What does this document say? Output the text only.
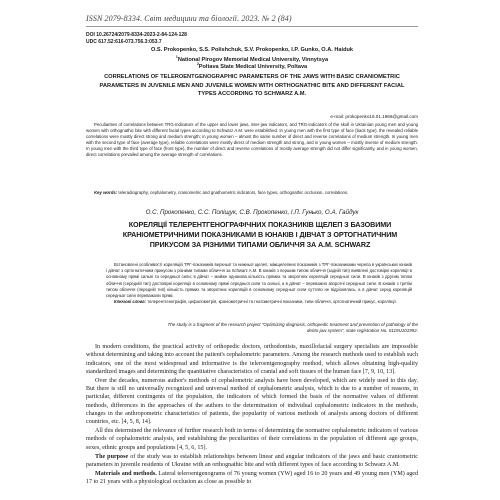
ISSN 2079-8334. Світ медицини та біології. 2023. № 2 (84)
DOI 10.26724/2079-8334-2023-2-84-124-128
UDC 617.52:616-073.756.3:053.7
O.S. Prokopenko, S.S. Polishchuk, S.V. Prokopenko, I.P. Gunko, O.A. Haiduk
$^1$National Pirogov Memorial Medical University, Vinnytsya
$^2$Poltava State Medical University, Poltava
CORRELATIONS OF TELEROENTGENOGRAPHIC PARAMETERS OF THE JAWS WITH BASIC CRANIOMETRIC PARAMETERS IN JUVENILE MEN AND JUVENILE WOMEN WITH ORTHOGNATHIC BITE AND DIFFERENT FACIAL TYPES ACCORDING TO SCHWARZ A.M.
e-mail: prokopenko16.01.1966@gmail.com

Peculiarities of correlations between TRG-indicators of the upper and lower jaws, inter-jaw indicators, and TRG-indicators of the skull in Ukrainian young men and young women with orthognathic bite with different facial types according to Schwarz A.M. were established. In young men with the first type of face (back type), the revealed reliable correlations were mostly direct strong and medium strength; in young women – almost the same number of direct and reverse correlations of medium strength. In young men with the second type of face (average type), reliable correlations were mostly direct of medium strength and strong, and in young women – mostly inverse of medium strength. In young men with the third type of face (front type), the number of direct and reverse correlations of mostly average strength did not differ significantly, and in young women, direct correlations prevailed among the average strength of correlations.

Key words: teleradiography, cephalometry, craniometric and gnathometric indicators, face types, orthognathic occlusion, correlations.

О.С. Прокопенко, С.С. Поліщук, С.В. Прокопенко, І.П. Гунько, О.А. Гайдук
КОРЕЛЯЦІЇ ТЕЛЕРЕНТГЕНОГРАФІЧНИХ ПОКАЗНИКІВ ЩЕЛЕП З БАЗОВИМИ КРАНІОМЕТРИЧНИМИ ПОКАЗНИКАМИ В ЮНАКІВ І ДІВЧАТ З ОРТОГНАТИЧНИМ ПРИКУСОМ ЗА РІЗНИМИ ТИПАМИ ОБЛИЧЧЯ ЗА A.M. SCHWARZ

Встановлені особливості кореляцій ТРГ-показників верхньої та нижньої щелеп, міжщелепних показників з ТРГ-показниками черепа в українських юнаків і дівчат з ортогнатичним прикусом з різними типами обличчя за Schwarz A.M. В юнаків з першим типом обличчя (задній тип) виявлені достовірні кореляції в основному прямі сильні та середньої сили; в дівчат – майже однакова кількість прямих та зворотних кореляцій середньої сили. В юнаків з другим типом обличчя (середній тип) достовірні кореляції в основному прямі середньої сили та сильні, а в дівчат – переважно зворотні середньої сили. В юнаків з третім типом обличчя (передній тип) кількість прямих та зворотних кореляцій в основному середньої сили суттєво не відрізнялась, а в дівчат серед кореляцій середньої сили переважали прямі.

Ключові слова: телерентгенографія, цефалометрія, краніометричні та гнатометричні показники, типи обличчя, ортогнатичний прикус, кореляції.

The study is a fragment of the research project "Optimizing diagnosis, orthopedic treatment and prevention of pathology of the dento-jaw system", state registration No. 0119U101992.

In modern conditions, the practical activity of orthopedic doctors, orthodontists, maxillofacial surgery specialists are impossible without determining and taking into account the patient's cephalometric parameters. Among the research methods used to establish such indicators, one of the most widespread and informative is the teleroentgenography method, which allows obtaining high-quality standardized images and determining the quantitative characteristics of cranial and soft tissues of the human face [7, 9, 10, 13].

Over the decades, numerous author's methods of cephalometric analysis have been developed, which are widely used to this day. But there is still no universally recognized and universal method of cephalometric analysis, which is due to a number of reasons, in particular, different contingents of the population, the indicators of which formed the basis of the normative values of different methods, differences in the approaches of the authors to the determination of individual cephalometric indicators in the methods, changes in the anthropometric characteristics of patients, the popularity of various methods of analysis among doctors of different countries, etc. [4, 5, 8, 14].

All this determined the relevance of further research both in terms of determining the normative cephalometric indicators of various methods of cephalometric analysis, and establishing the peculiarities of their correlations in the population of different age groups, sexes, ethnic groups and populations [4, 5, 6, 15].

The purpose of the study was to establish relationships between linear and angular indicators of the jaws and basic craniometric parameters in juvenile residents of Ukraine with an orthognathic bite and with different types of face according to Schwarz A.M.

Materials and methods. Lateral teleroentgenograms of 76 young women (YW) aged 16 to 20 years and 49 young men (YM) aged 17 to 21 years with a physiological occlusion as close as possible to
